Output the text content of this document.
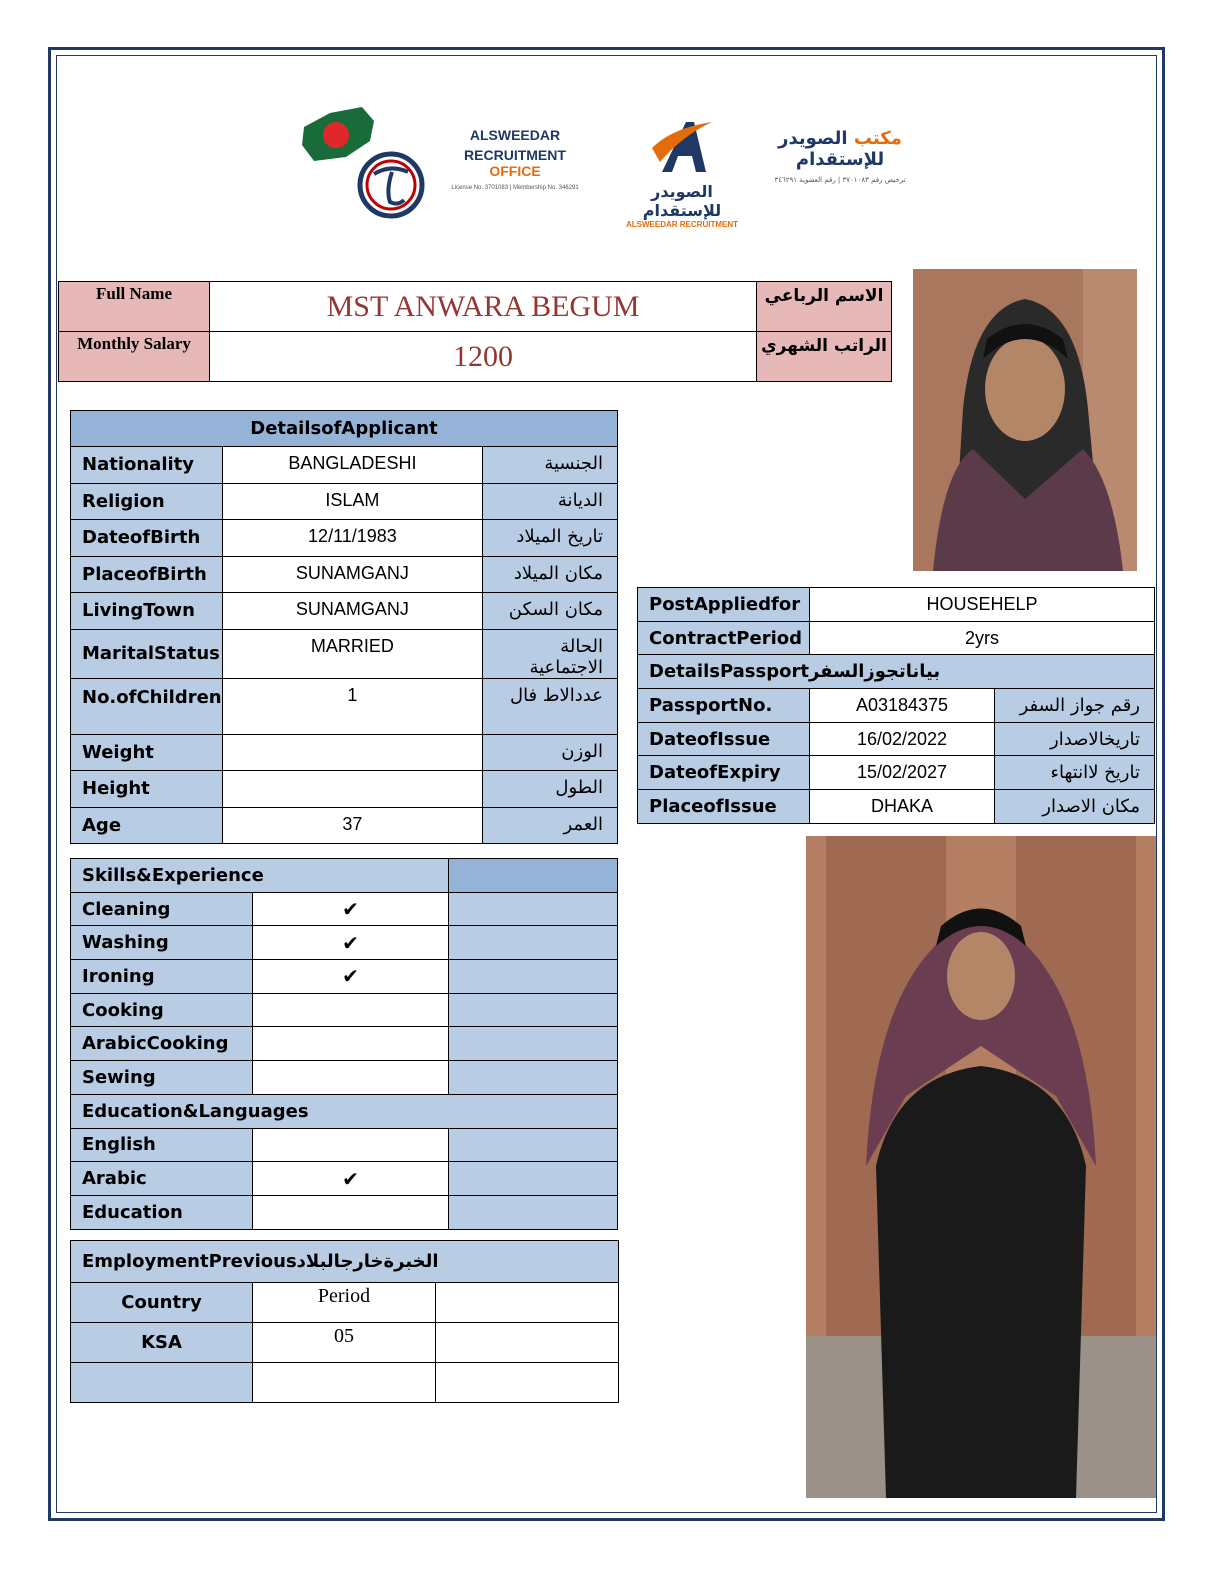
ALSWEEDAR
RECRUITMENT OFFICE
License No. 3701083 | Membership No. 346291	الصويدر للإستقدام
ALSWEEDAR RECRUITMENT
مكتب الصويدر للإستقدام
ترخيص رقم ٣٧٠١٠٨٣ | رقم العضوية ٣٤٦٢٩١
Full Name	MST ANWARA BEGUM	الاسم الرباعي
Monthly Salary	1200	الراتب الشهري
DetailsofApplicant		
Nationality	BANGLADESHI	الجنسية
Religion	ISLAM	الديانة
DateofBirth	12/11/1983	تاريخ الميلاد
PlaceofBirth	SUNAMGANJ	مكان الميلاد
LivingTown	SUNAMGANJ	مكان السكن
MaritalStatus	MARRIED	الحالة الاجتماعية
No.ofChildren	1	عددالاط فال
Weight		الوزن
Height		الطول
Age	37	العمر
Skills&Experience		
Cleaning	✔	
Washing	✔	
Ironing	✔	
Cooking		
ArabicCooking		
Sewing		
Education&Languages		
English		
Arabic	✔	
Education		
EmploymentPreviousالخبرةخارجالبلاد		
Country	Period	
KSA	05	

PostAppliedfor	HOUSEHELP	
ContractPeriod	2yrs	
DetailsPassportبياناتجوزالسفر		
PassportNo.	A03184375	رقم جواز السفر
DateofIssue	16/02/2022	تاريخالاصدار
DateofExpiry	15/02/2027	تاريخ لاانتهاء
PlaceofIssue	DHAKA	مكان الاصدار
